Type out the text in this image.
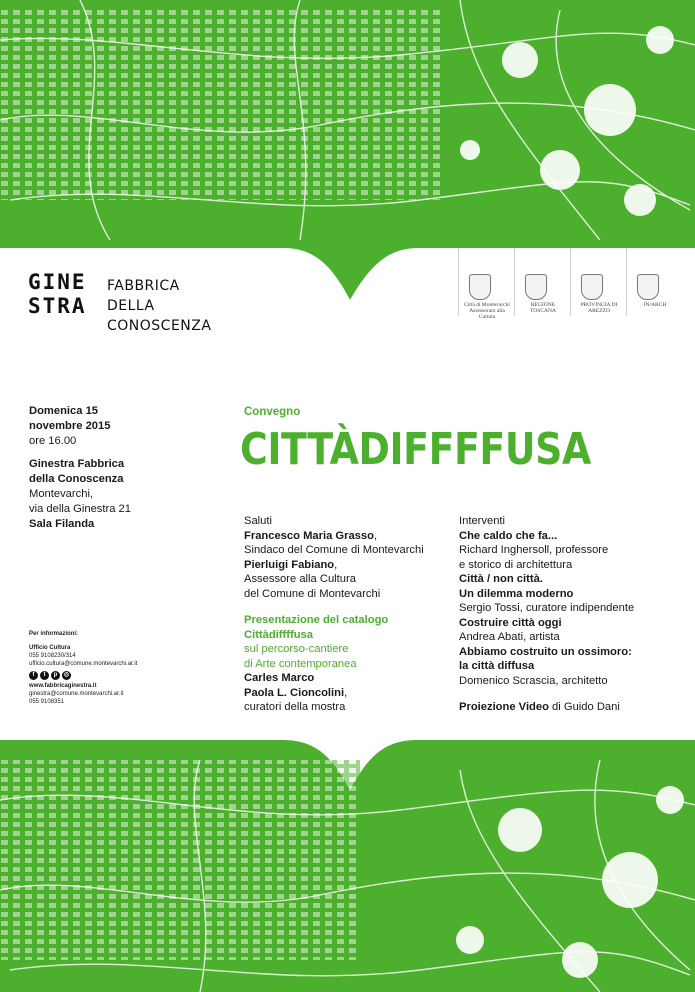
GINE
STRA
FABBRICA
DELLA
CONOSCENZA
Città di Montevarchi Assessorato alla Cultura
REGIONE TOSCANA
PROVINCIA DI AREZZO
IN/ARCH
Domenica 15
novembre 2015
ore 16.00
Ginestra Fabbrica
della Conoscenza
Montevarchi,
via della Ginestra 21
Sala Filanda
Per informazioni:
Ufficio Cultura
055 9108230/314
ufficio.cultura@comune.montevarchi.ar.it
f	t	p	◎
www.fabbricaginestra.it
ginestra@comune.montevarchi.ar.it
055 9108351
Convegno
CITTÀDIFFFFUSA
Saluti
Francesco Maria Grasso,
Sindaco del Comune di Montevarchi
Pierluigi Fabiano,
Assessore alla Cultura
del Comune di Montevarchi
Presentazione del catalogo
Cittàdiffffusa
sul percorso-cantiere
di Arte contemporanea
Carles Marco
Paola L. Cioncolini,
curatori della mostra
Interventi
Che caldo che fa...
Richard Inghersoll, professore
e storico di architettura
Città / non città.
Un dilemma moderno
Sergio Tossi, curatore indipendente
Costruire città oggi
Andrea Abati, artista
Abbiamo costruito un ossimoro:
la città diffusa
Domenico Scrascia, architetto
Proiezione Video di Guido Dani
